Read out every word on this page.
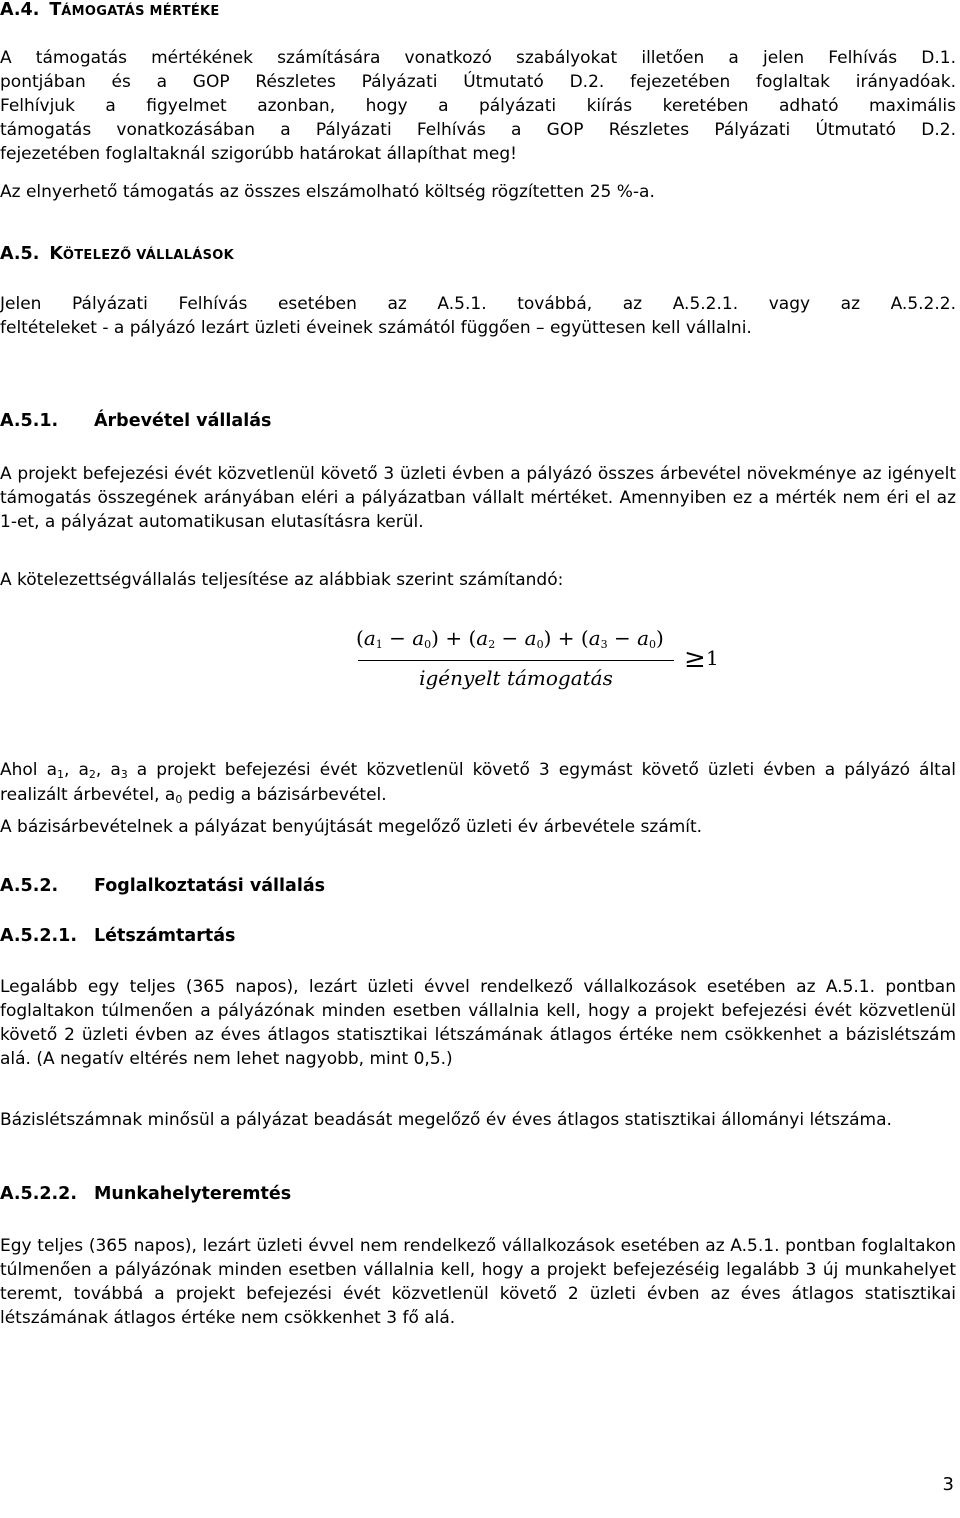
A.4. TÁMOGATÁS MÉRTÉKE
A támogatás mértékének számítására vonatkozó szabályokat illetően a jelen Felhívás D.1.
pontjában és a GOP Részletes Pályázati Útmutató D.2. fejezetében foglaltak irányadóak.
Felhívjuk a figyelmet azonban, hogy a pályázati kiírás keretében adható maximális
támogatás vonatkozásában a Pályázati Felhívás a GOP Részletes Pályázati Útmutató D.2.
fejezetében foglaltaknál szigorúbb határokat állapíthat meg!
Az elnyerhető támogatás az összes elszámolható költség rögzítetten 25 %-a.
A.5. KÖTELEZŐ VÁLLALÁSOK
Jelen Pályázati Felhívás esetében az A.5.1. továbbá, az A.5.2.1. vagy az A.5.2.2.
feltételeket - a pályázó lezárt üzleti éveinek számától függően – együttesen kell vállalni.
A.5.1. Árbevétel vállalás
A projekt befejezési évét közvetlenül követő 3 üzleti évben a pályázó összes árbevétel növekménye az igényelt támogatás összegének arányában eléri a pályázatban vállalt mértéket. Amennyiben ez a mérték nem éri el az 1-et, a pályázat automatikusan elutasításra kerül.
A kötelezettségvállalás teljesítése az alábbiak szerint számítandó:
$(a_1 - a_0) + (a_2 - a_0) + (a_3 - a_0)$
igényelt támogatás
≥ 1
Ahol $a_1$, $a_2$, $a_3$ a projekt befejezési évét közvetlenül követő 3 egymást követő üzleti évben a pályázó által realizált árbevétel, $a_0$ pedig a bázisárbevétel.
A bázisárbevételnek a pályázat benyújtását megelőző üzleti év árbevétele számít.
A.5.2. Foglalkoztatási vállalás
A.5.2.1. Létszámtartás
Legalább egy teljes (365 napos), lezárt üzleti évvel rendelkező vállalkozások esetében az A.5.1. pontban foglaltakon túlmenően a pályázónak minden esetben vállalnia kell, hogy a projekt befejezési évét közvetlenül követő 2 üzleti évben az éves átlagos statisztikai létszámának átlagos értéke nem csökkenhet a bázislétszám alá. (A negatív eltérés nem lehet nagyobb, mint 0,5.)
Bázislétszámnak minősül a pályázat beadását megelőző év éves átlagos statisztikai állományi létszáma.
A.5.2.2. Munkahelyteremtés
Egy teljes (365 napos), lezárt üzleti évvel nem rendelkező vállalkozások esetében az A.5.1. pontban foglaltakon túlmenően a pályázónak minden esetben vállalnia kell, hogy a projekt befejezéséig legalább 3 új munkahelyet teremt, továbbá a projekt befejezési évét közvetlenül követő 2 üzleti évben az éves átlagos statisztikai létszámának átlagos értéke nem csökkenhet 3 fő alá.
3
